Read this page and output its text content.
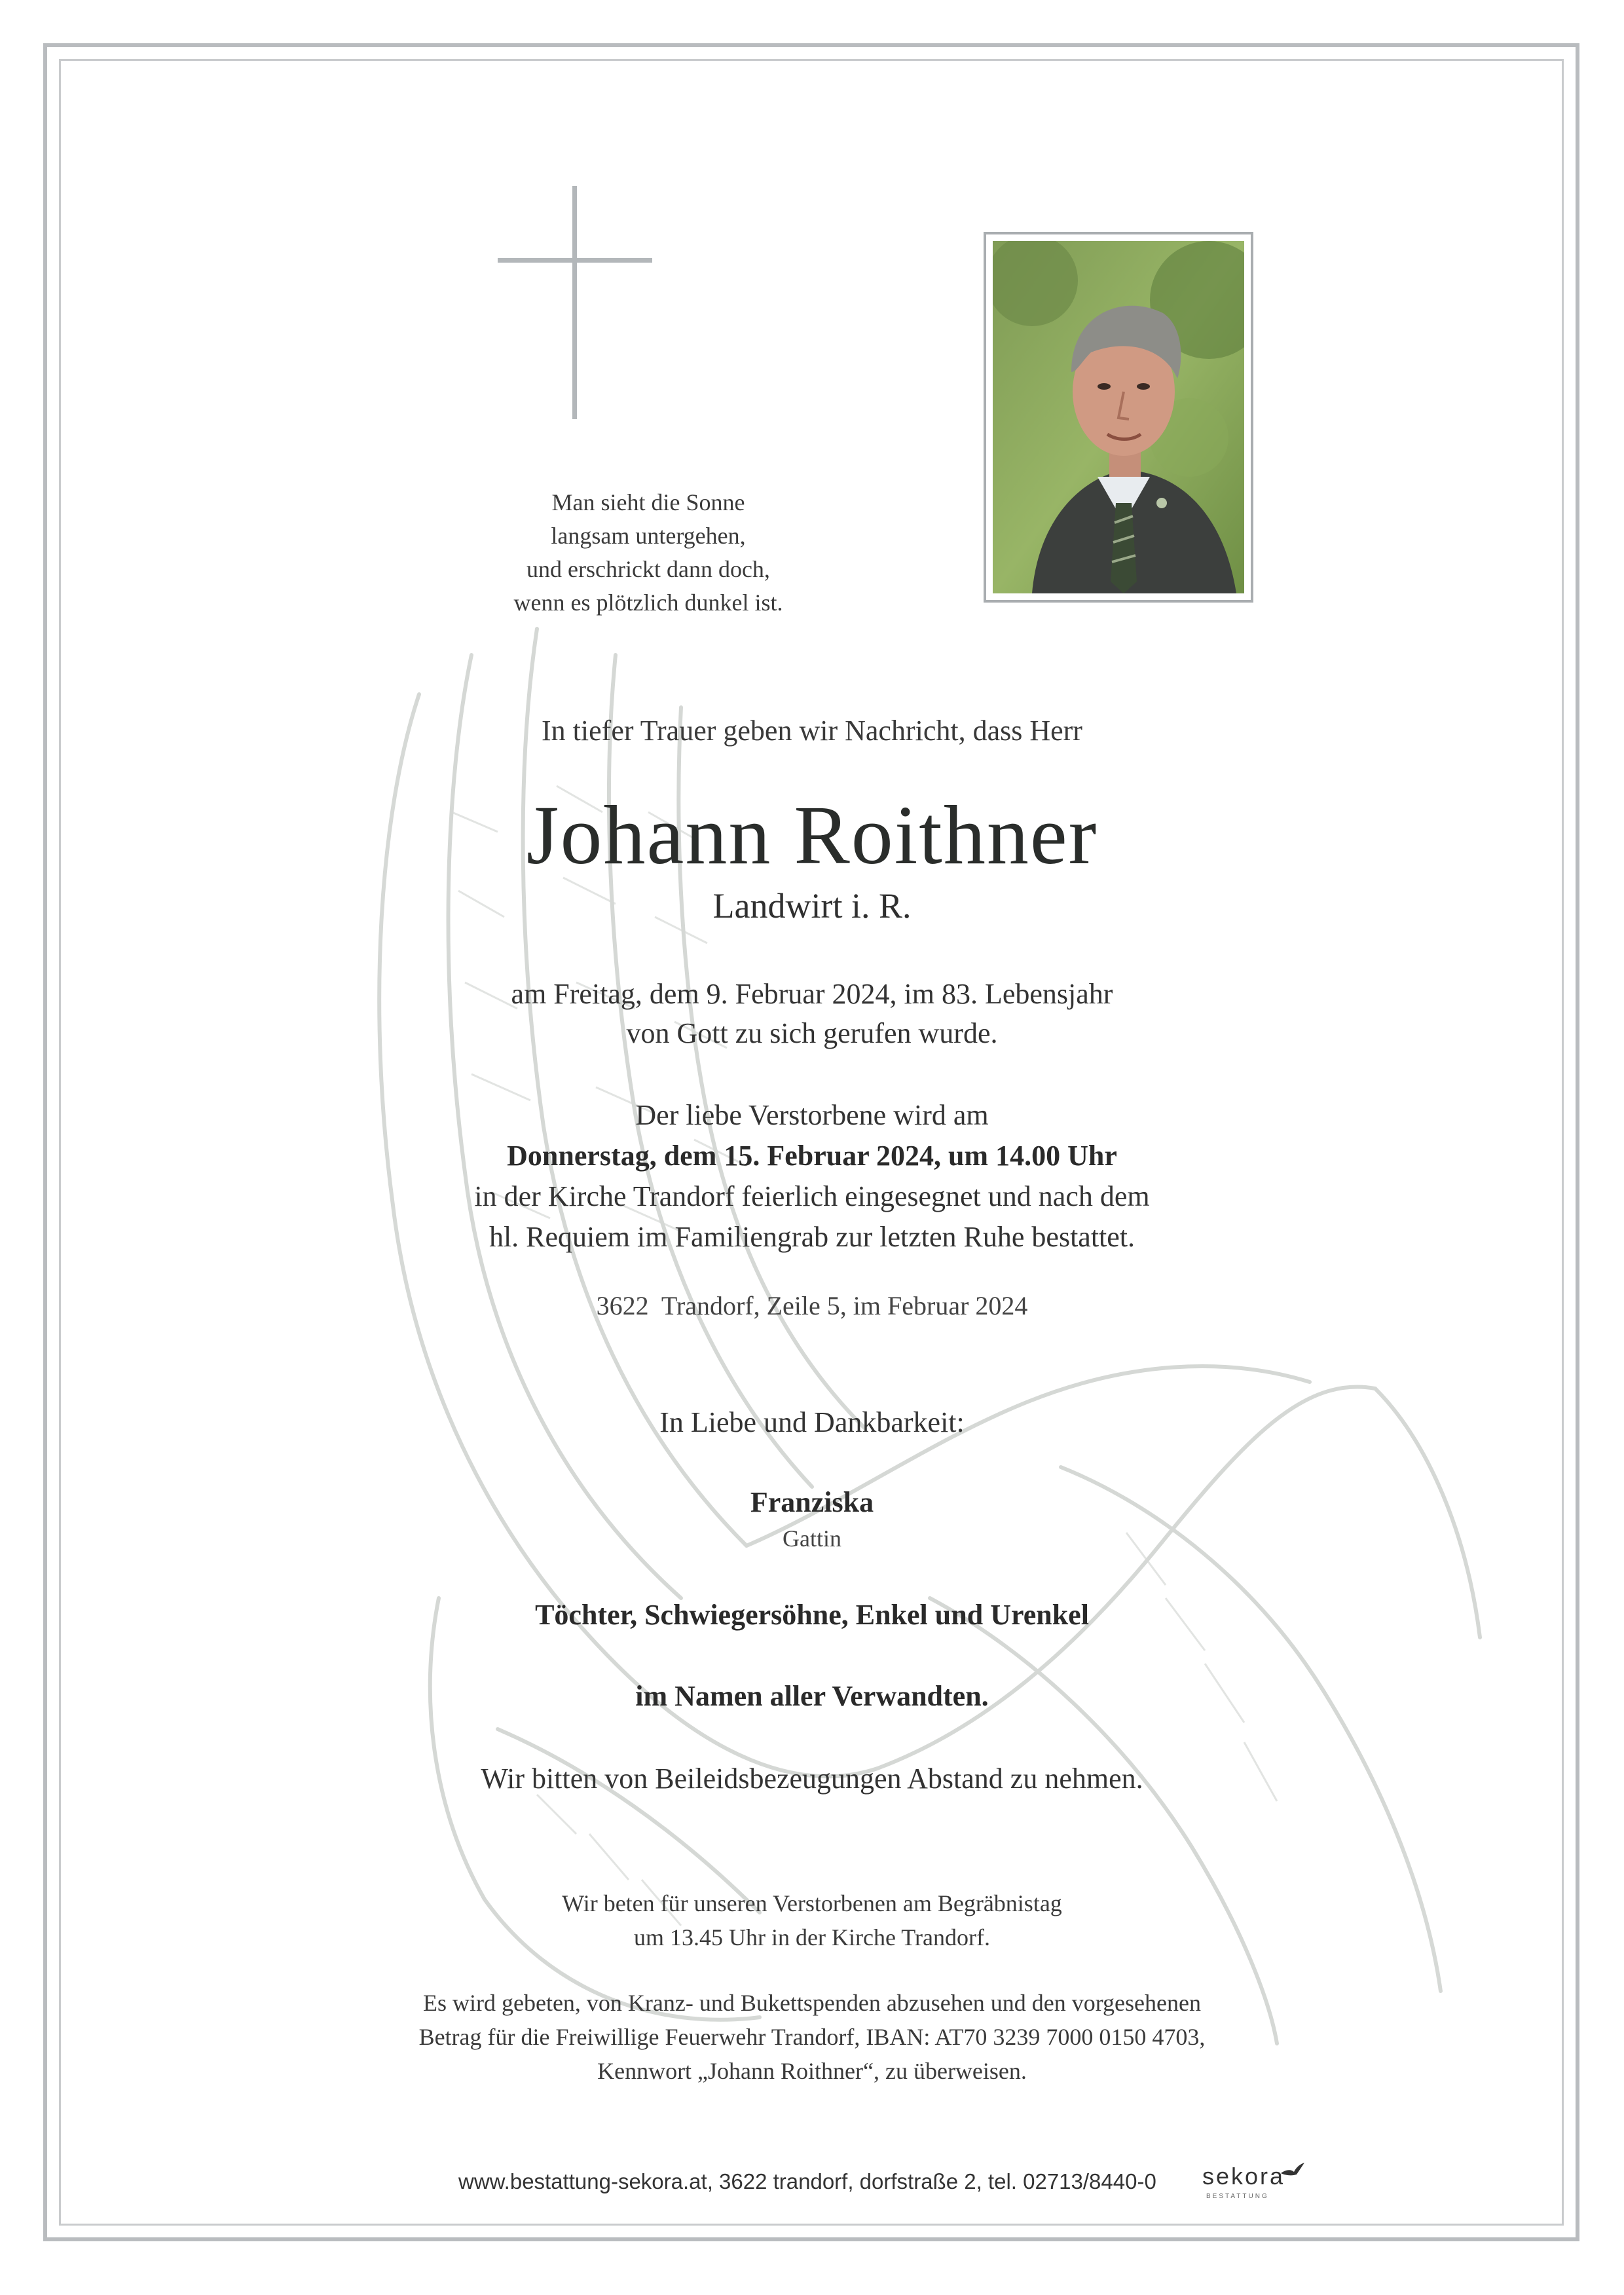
Man sieht die Sonne
langsam untergehen,
und erschrickt dann doch,
wenn es plötzlich dunkel ist.
In tiefer Trauer geben wir Nachricht, dass Herr
Johann Roithner
Landwirt i. R.
am Freitag, dem 9. Februar 2024, im 83. Lebensjahr
von Gott zu sich gerufen wurde.
Der liebe Verstorbene wird am
Donnerstag, dem 15. Februar 2024, um 14.00 Uhr
in der Kirche Trandorf feierlich eingesegnet und nach dem
hl. Requiem im Familiengrab zur letzten Ruhe bestattet.
3622  Trandorf, Zeile 5, im Februar 2024
In Liebe und Dankbarkeit:
Franziska
Gattin
Töchter, Schwiegersöhne, Enkel und Urenkel
im Namen aller Verwandten.
Wir bitten von Beileidsbezeugungen Abstand zu nehmen.
Wir beten für unseren Verstorbenen am Begräbnistag
um 13.45 Uhr in der Kirche Trandorf.
Es wird gebeten, von Kranz- und Bukettspenden abzusehen und den vorgesehenen
Betrag für die Freiwillige Feuerwehr Trandorf, IBAN: AT70 3239 7000 0150 4703,
Kennwort „Johann Roithner“, zu überweisen.
www.bestattung-sekora.at, 3622 trandorf, dorfstraße 2, tel. 02713/8440-0	sekora
BESTATTUNG
